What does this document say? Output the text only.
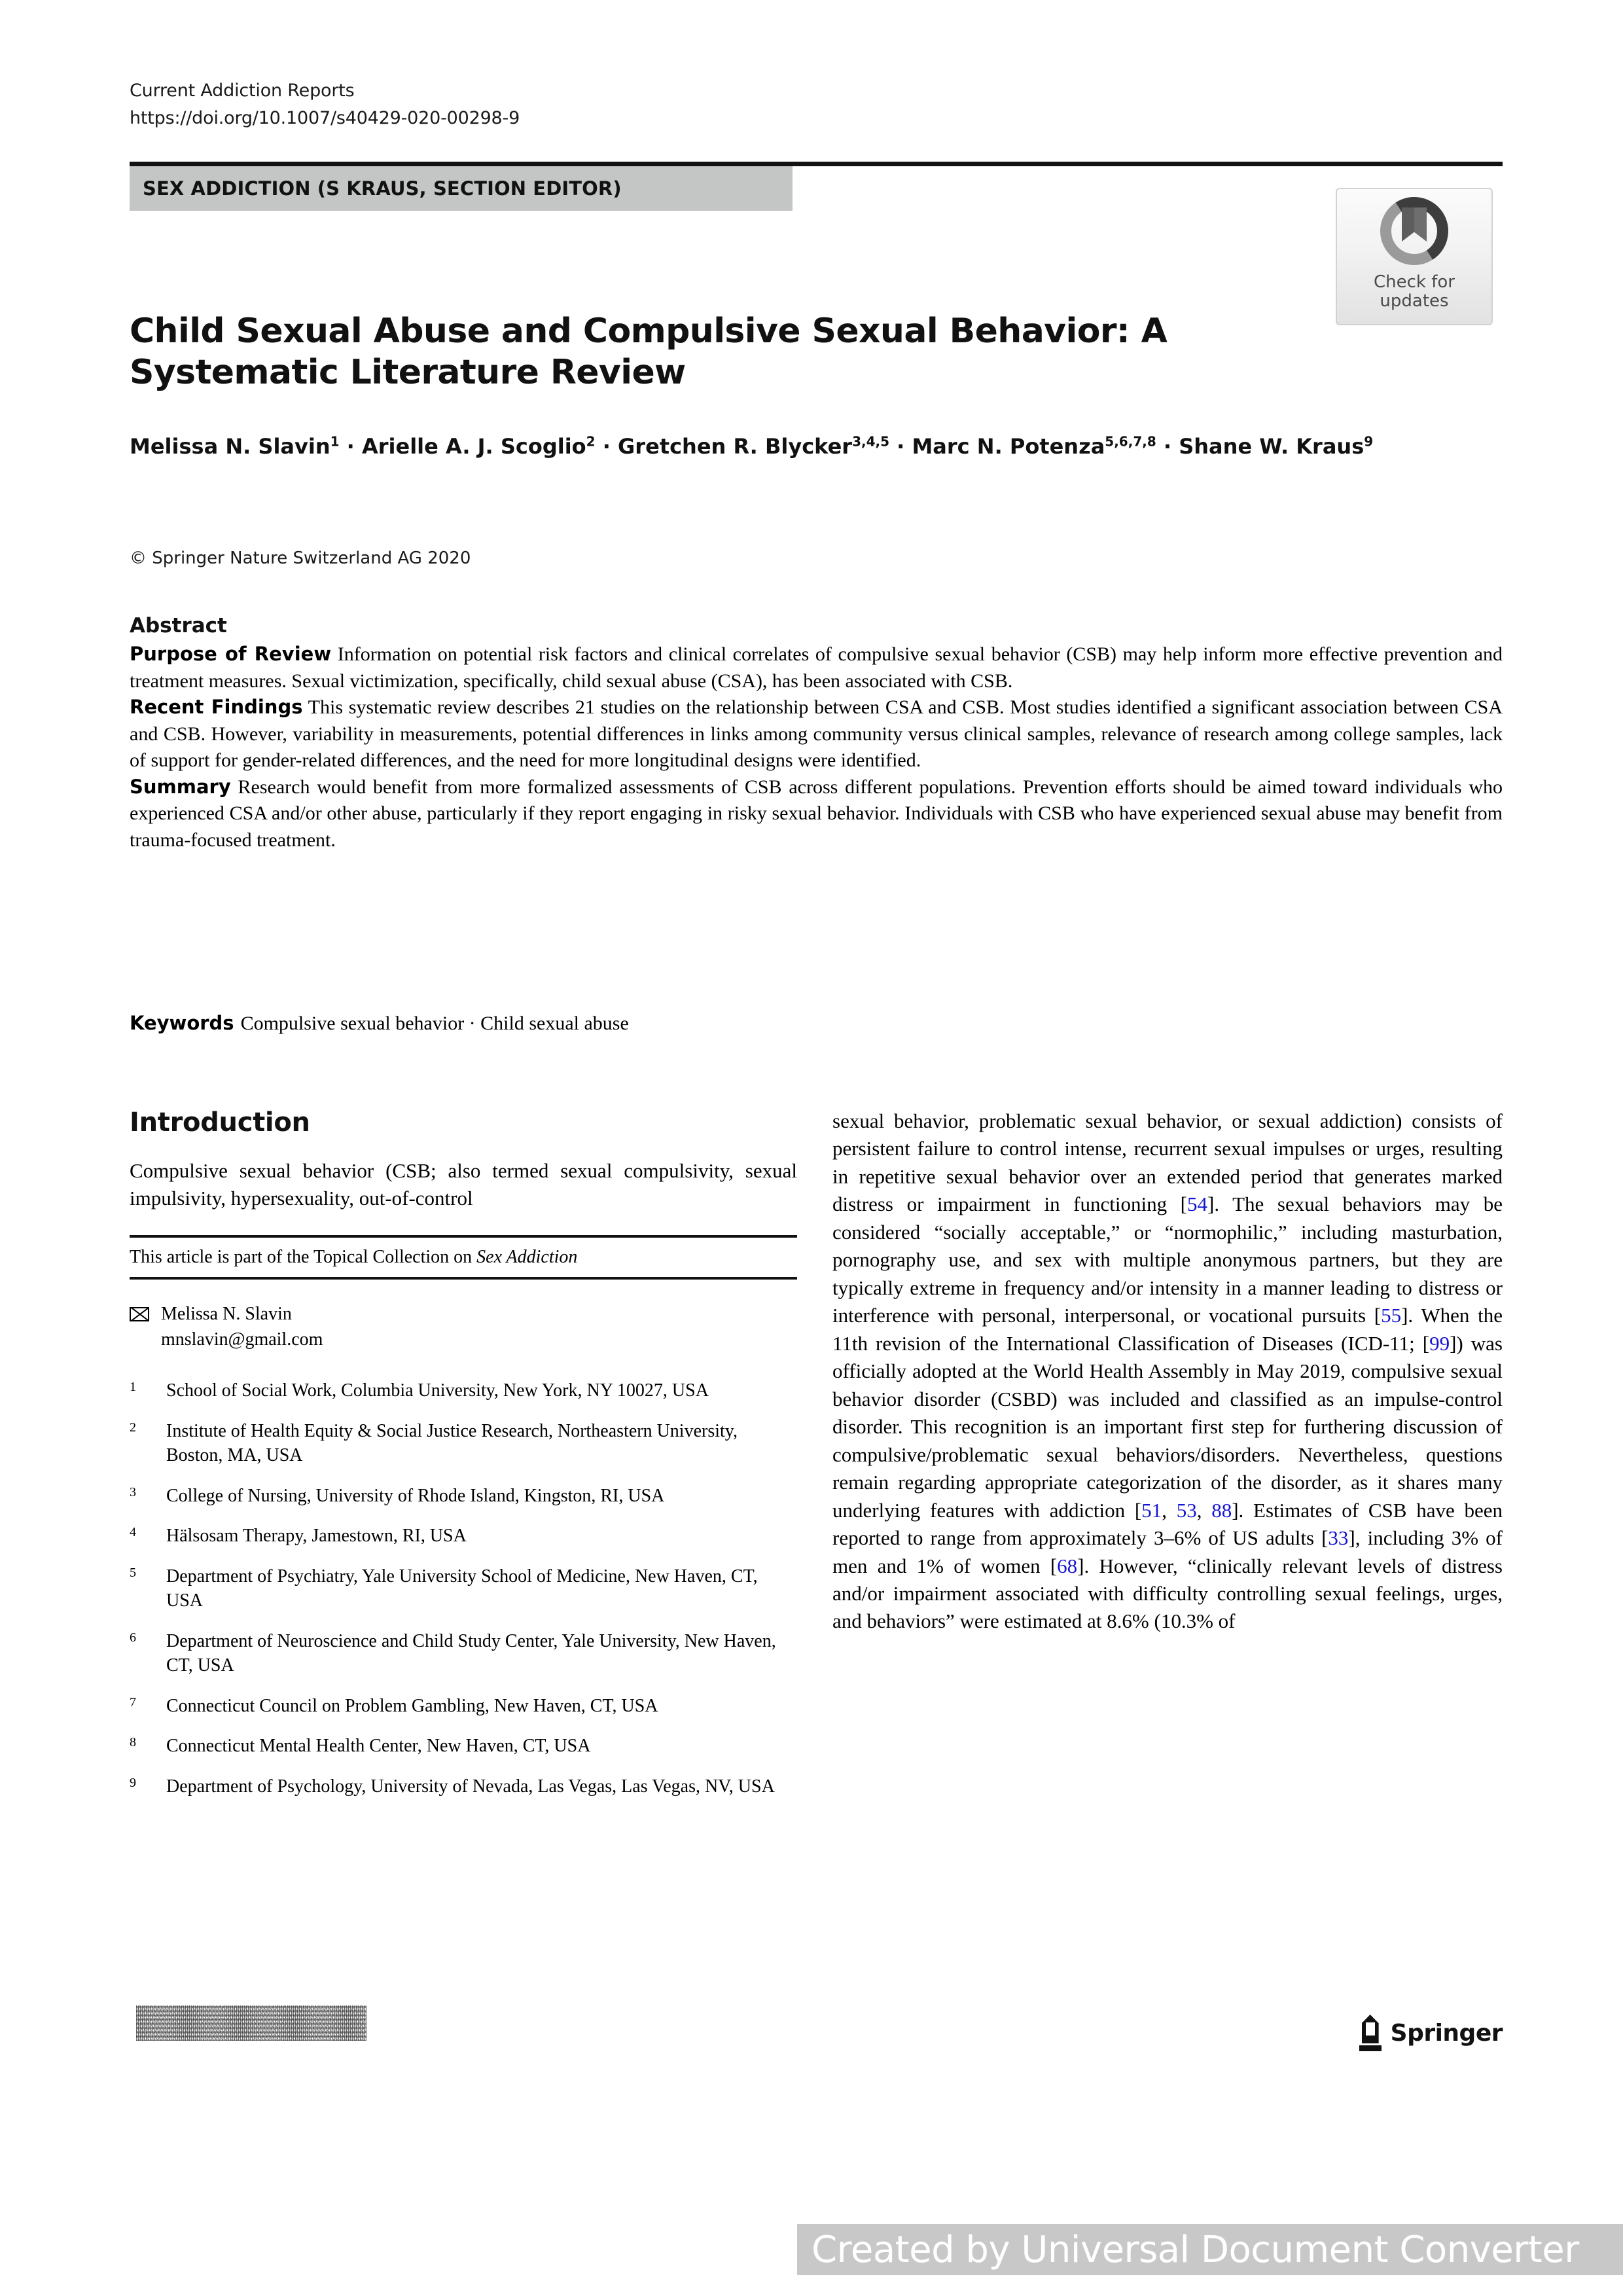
Current Addiction Reports
https://doi.org/10.1007/s40429-020-00298-9
SEX ADDICTION (S KRAUS, SECTION EDITOR)
Check for
updates
Child Sexual Abuse and Compulsive Sexual Behavior: A Systematic Literature Review
Melissa N. Slavin$^1$ · Arielle A. J. Scoglio$^2$ · Gretchen R. Blycker$^{3,4,5}$ · Marc N. Potenza$^{5,6,7,8}$ · Shane W. Kraus$^9$
© Springer Nature Switzerland AG 2020
Abstract

Purpose of Review Information on potential risk factors and clinical correlates of compulsive sexual behavior (CSB) may help inform more effective prevention and treatment measures. Sexual victimization, specifically, child sexual abuse (CSA), has been associated with CSB.

Recent Findings This systematic review describes 21 studies on the relationship between CSA and CSB. Most studies identified a significant association between CSA and CSB. However, variability in measurements, potential differences in links among community versus clinical samples, relevance of research among college samples, lack of support for gender-related differences, and the need for more longitudinal designs were identified.

Summary Research would benefit from more formalized assessments of CSB across different populations. Prevention efforts should be aimed toward individuals who experienced CSA and/or other abuse, particularly if they report engaging in risky sexual behavior. Individuals with CSB who have experienced sexual abuse may benefit from trauma-focused treatment.

Keywords Compulsive sexual behavior · Child sexual abuse
Introduction

Compulsive sexual behavior (CSB; also termed sexual compulsivity, sexual impulsivity, hypersexuality, out-of-control

This article is part of the Topical Collection on Sex Addiction
Melissa N. Slavin
mnslavin@gmail.com
1	School of Social Work, Columbia University, New York, NY 10027, USA
2	Institute of Health Equity & Social Justice Research, Northeastern University, Boston, MA, USA
3	College of Nursing, University of Rhode Island, Kingston, RI, USA
4	Hälsosam Therapy, Jamestown, RI, USA
5	Department of Psychiatry, Yale University School of Medicine, New Haven, CT, USA
6	Department of Neuroscience and Child Study Center, Yale University, New Haven, CT, USA
7	Connecticut Council on Problem Gambling, New Haven, CT, USA
8	Connecticut Mental Health Center, New Haven, CT, USA
9	Department of Psychology, University of Nevada, Las Vegas, Las Vegas, NV, USA

sexual behavior, problematic sexual behavior, or sexual addiction) consists of persistent failure to control intense, recurrent sexual impulses or urges, resulting in repetitive sexual behavior over an extended period that generates marked distress or impairment in functioning [54]. The sexual behaviors may be considered “socially acceptable,” or “normophilic,” including masturbation, pornography use, and sex with multiple anonymous partners, but they are typically extreme in frequency and/or intensity in a manner leading to distress or interference with personal, interpersonal, or vocational pursuits [55]. When the 11th revision of the International Classification of Diseases (ICD-11; [99]) was officially adopted at the World Health Assembly in May 2019, compulsive sexual behavior disorder (CSBD) was included and classified as an impulse-control disorder. This recognition is an important first step for furthering discussion of compulsive/problematic sexual behaviors/disorders. Nevertheless, questions remain regarding appropriate categorization of the disorder, as it shares many underlying features with addiction [51, 53, 88]. Estimates of CSB have been reported to range from approximately 3–6% of US adults [33], including 3% of men and 1% of women [68]. However, “clinically relevant levels of distress and/or impairment associated with difficulty controlling sexual feelings, urges, and behaviors” were estimated at 8.6% (10.3% of

Springer
Created by Universal Document Converter
